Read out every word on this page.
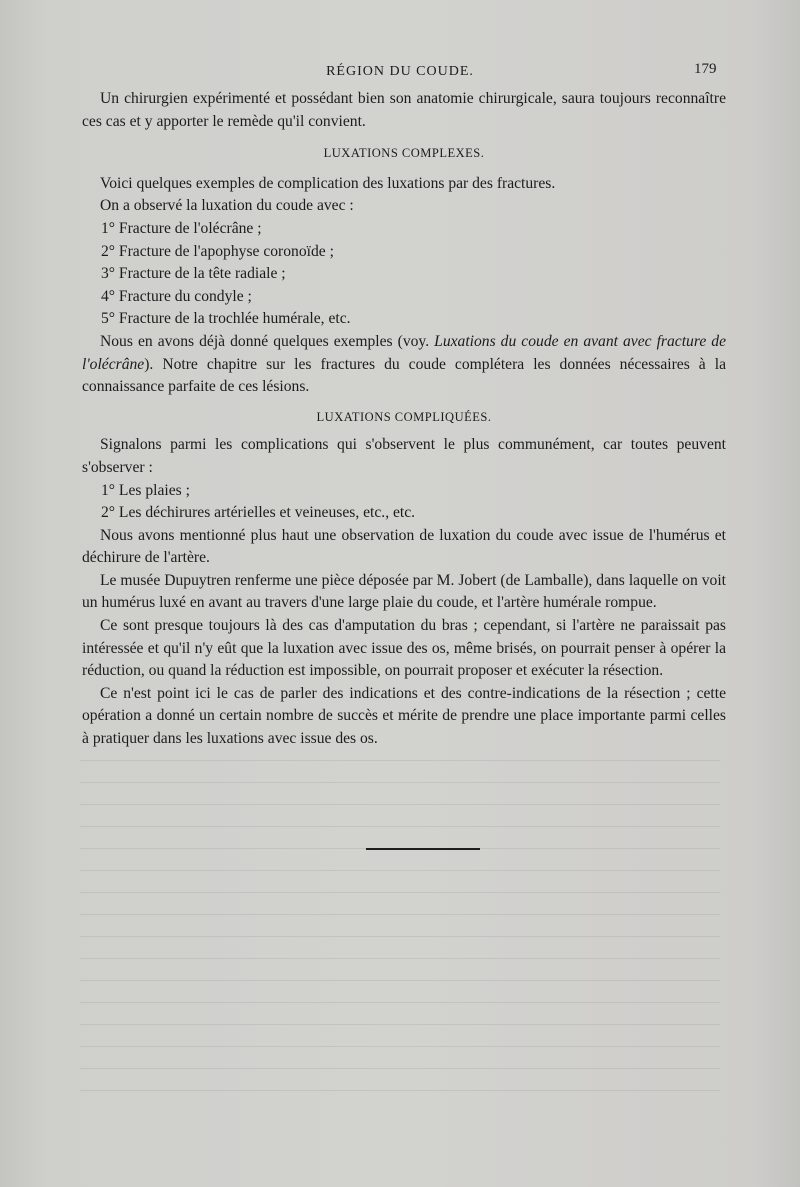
RÉGION DU COUDE.	179

Un chirurgien expérimenté et possédant bien son anatomie chirurgicale, saura toujours reconnaître ces cas et y apporter le remède qu'il convient.

LUXATIONS COMPLEXES.

Voici quelques exemples de complication des luxations par des fractures.

On a observé la luxation du coude avec :

1° Fracture de l'olécrâne ;

2° Fracture de l'apophyse coronoïde ;

3° Fracture de la tête radiale ;

4° Fracture du condyle ;

5° Fracture de la trochlée humérale, etc.

Nous en avons déjà donné quelques exemples (voy. Luxations du coude en avant avec fracture de l'olécrâne). Notre chapitre sur les fractures du coude complétera les données nécessaires à la connaissance parfaite de ces lésions.

LUXATIONS COMPLIQUÉES.

Signalons parmi les complications qui s'observent le plus communément, car toutes peuvent s'observer :

1° Les plaies ;

2° Les déchirures artérielles et veineuses, etc., etc.

Nous avons mentionné plus haut une observation de luxation du coude avec issue de l'humérus et déchirure de l'artère.

Le musée Dupuytren renferme une pièce déposée par M. Jobert (de Lamballe), dans laquelle on voit un humérus luxé en avant au travers d'une large plaie du coude, et l'artère humérale rompue.

Ce sont presque toujours là des cas d'amputation du bras ; cependant, si l'artère ne paraissait pas intéressée et qu'il n'y eût que la luxation avec issue des os, même brisés, on pourrait penser à opérer la réduction, ou quand la réduction est impossible, on pourrait proposer et exécuter la résection.

Ce n'est point ici le cas de parler des indications et des contre-indications de la résection ; cette opération a donné un certain nombre de succès et mérite de prendre une place importante parmi celles à pratiquer dans les luxations avec issue des os.
